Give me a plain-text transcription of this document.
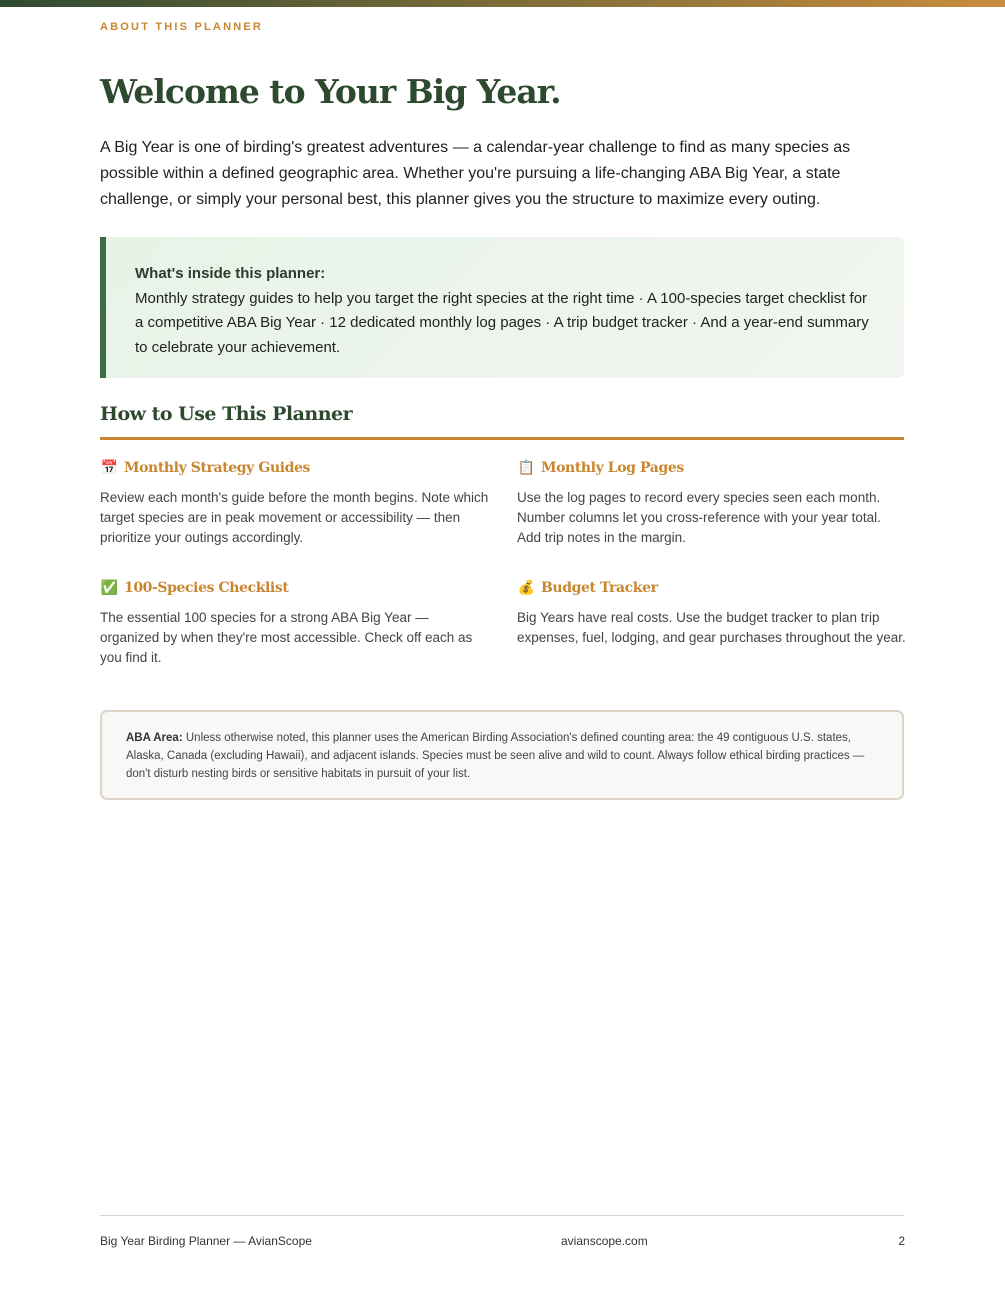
ABOUT THIS PLANNER
Welcome to Your Big Year.

A Big Year is one of birding's greatest adventures — a calendar-year challenge to find as many species as possible within a defined geographic area. Whether you're pursuing a life-changing ABA Big Year, a state challenge, or simply your personal best, this planner gives you the structure to maximize every outing.

What's inside this planner:
Monthly strategy guides to help you target the right species at the right time · A 100-species target checklist for a competitive ABA Big Year · 12 dedicated monthly log pages · A trip budget tracker · And a year-end summary to celebrate your achievement.
How to Use This Planner
📅 Monthly Strategy Guides

Review each month's guide before the month begins. Note which target species are in peak movement or accessibility — then prioritize your outings accordingly.

📋 Monthly Log Pages

Use the log pages to record every species seen each month. Number columns let you cross-reference with your year total. Add trip notes in the margin.

✅ 100-Species Checklist

The essential 100 species for a strong ABA Big Year — organized by when they're most accessible. Check off each as you find it.

💰 Budget Tracker

Big Years have real costs. Use the budget tracker to plan trip expenses, fuel, lodging, and gear purchases throughout the year.

ABA Area: Unless otherwise noted, this planner uses the American Birding Association's defined counting area: the 49 contiguous U.S. states, Alaska, Canada (excluding Hawaii), and adjacent islands. Species must be seen alive and wild to count. Always follow ethical birding practices — don't disturb nesting birds or sensitive habitats in pursuit of your list.
Big Year Birding Planner — AvianScope	avianscope.com	2
